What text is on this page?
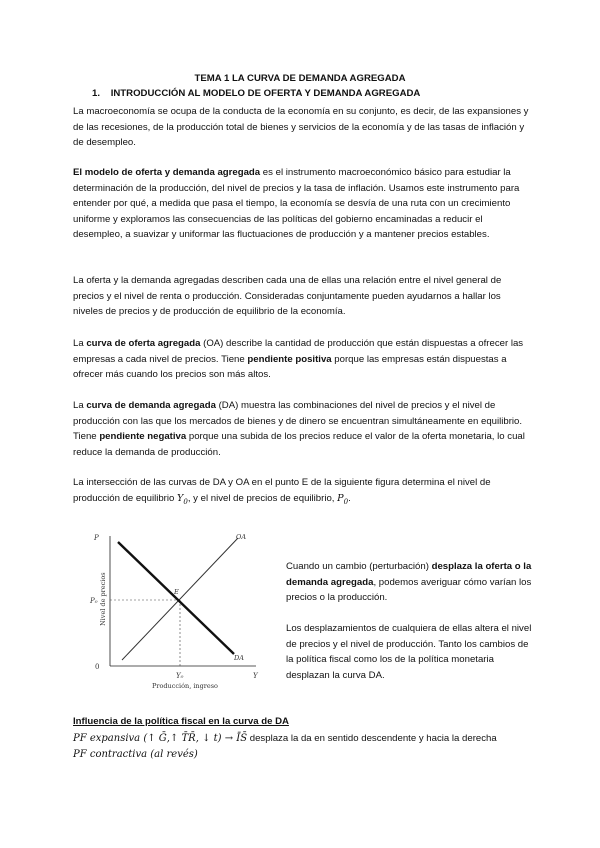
TEMA 1 LA CURVA DE DEMANDA AGREGADA
1. INTRODUCCIÓN AL MODELO DE OFERTA Y DEMANDA AGREGADA

La macroeconomía se ocupa de la conducta de la economía en su conjunto, es decir, de las expansiones y de las recesiones, de la producción total de bienes y servicios de la economía y de las tasas de inflación y de desempleo.

El modelo de oferta y demanda agregada es el instrumento macroeconómico básico para estudiar la determinación de la producción, del nivel de precios y la tasa de inflación. Usamos este instrumento para entender por qué, a medida que pasa el tiempo, la economía se desvía de una ruta con un crecimiento uniforme y exploramos las consecuencias de las políticas del gobierno encaminadas a reducir el desempleo, a suavizar y uniformar las fluctuaciones de producción y a mantener precios estables.

La oferta y la demanda agregadas describen cada una de ellas una relación entre el nivel general de precios y el nivel de renta o producción. Consideradas conjuntamente pueden ayudarnos a hallar los niveles de precios y de producción de equilibrio de la economía.

La curva de oferta agregada (OA) describe la cantidad de producción que están dispuestas a ofrecer las empresas a cada nivel de precios. Tiene pendiente positiva porque las empresas están dispuestas a ofrecer más cuando los precios son más altos.

La curva de demanda agregada (DA) muestra las combinaciones del nivel de precios y el nivel de producción con las que los mercados de bienes y de dinero se encuentran simultáneamente en equilibrio. Tiene pendiente negativa porque una subida de los precios reduce el valor de la oferta monetaria, lo cual reduce la demanda de producción.

La intersección de las curvas de DA y OA en el punto E de la siguiente figura determina el nivel de producción de equilibrio $Y_0$, y el nivel de precios de equilibrio, $P_0$.

P
Nivel de precios
P₀
0
Y
Y₀
Producción, ingreso
OA
DA
E

Cuando un cambio (perturbación) desplaza la oferta o la demanda agregada, podemos averiguar cómo varían los precios o la producción.

Los desplazamientos de cualquiera de ellas altera el nivel de precios y el nivel de producción. Tanto los cambios de la política fiscal como los de la política monetaria desplazan la curva DA.

Influencia de la política fiscal en la curva de DA

PF expansiva (↑ Ḡ,↑ T̄R̄, ↓ t) → ĪS̄ desplaza la da en sentido descendente y hacia la derecha
PF contractiva (al revés)
